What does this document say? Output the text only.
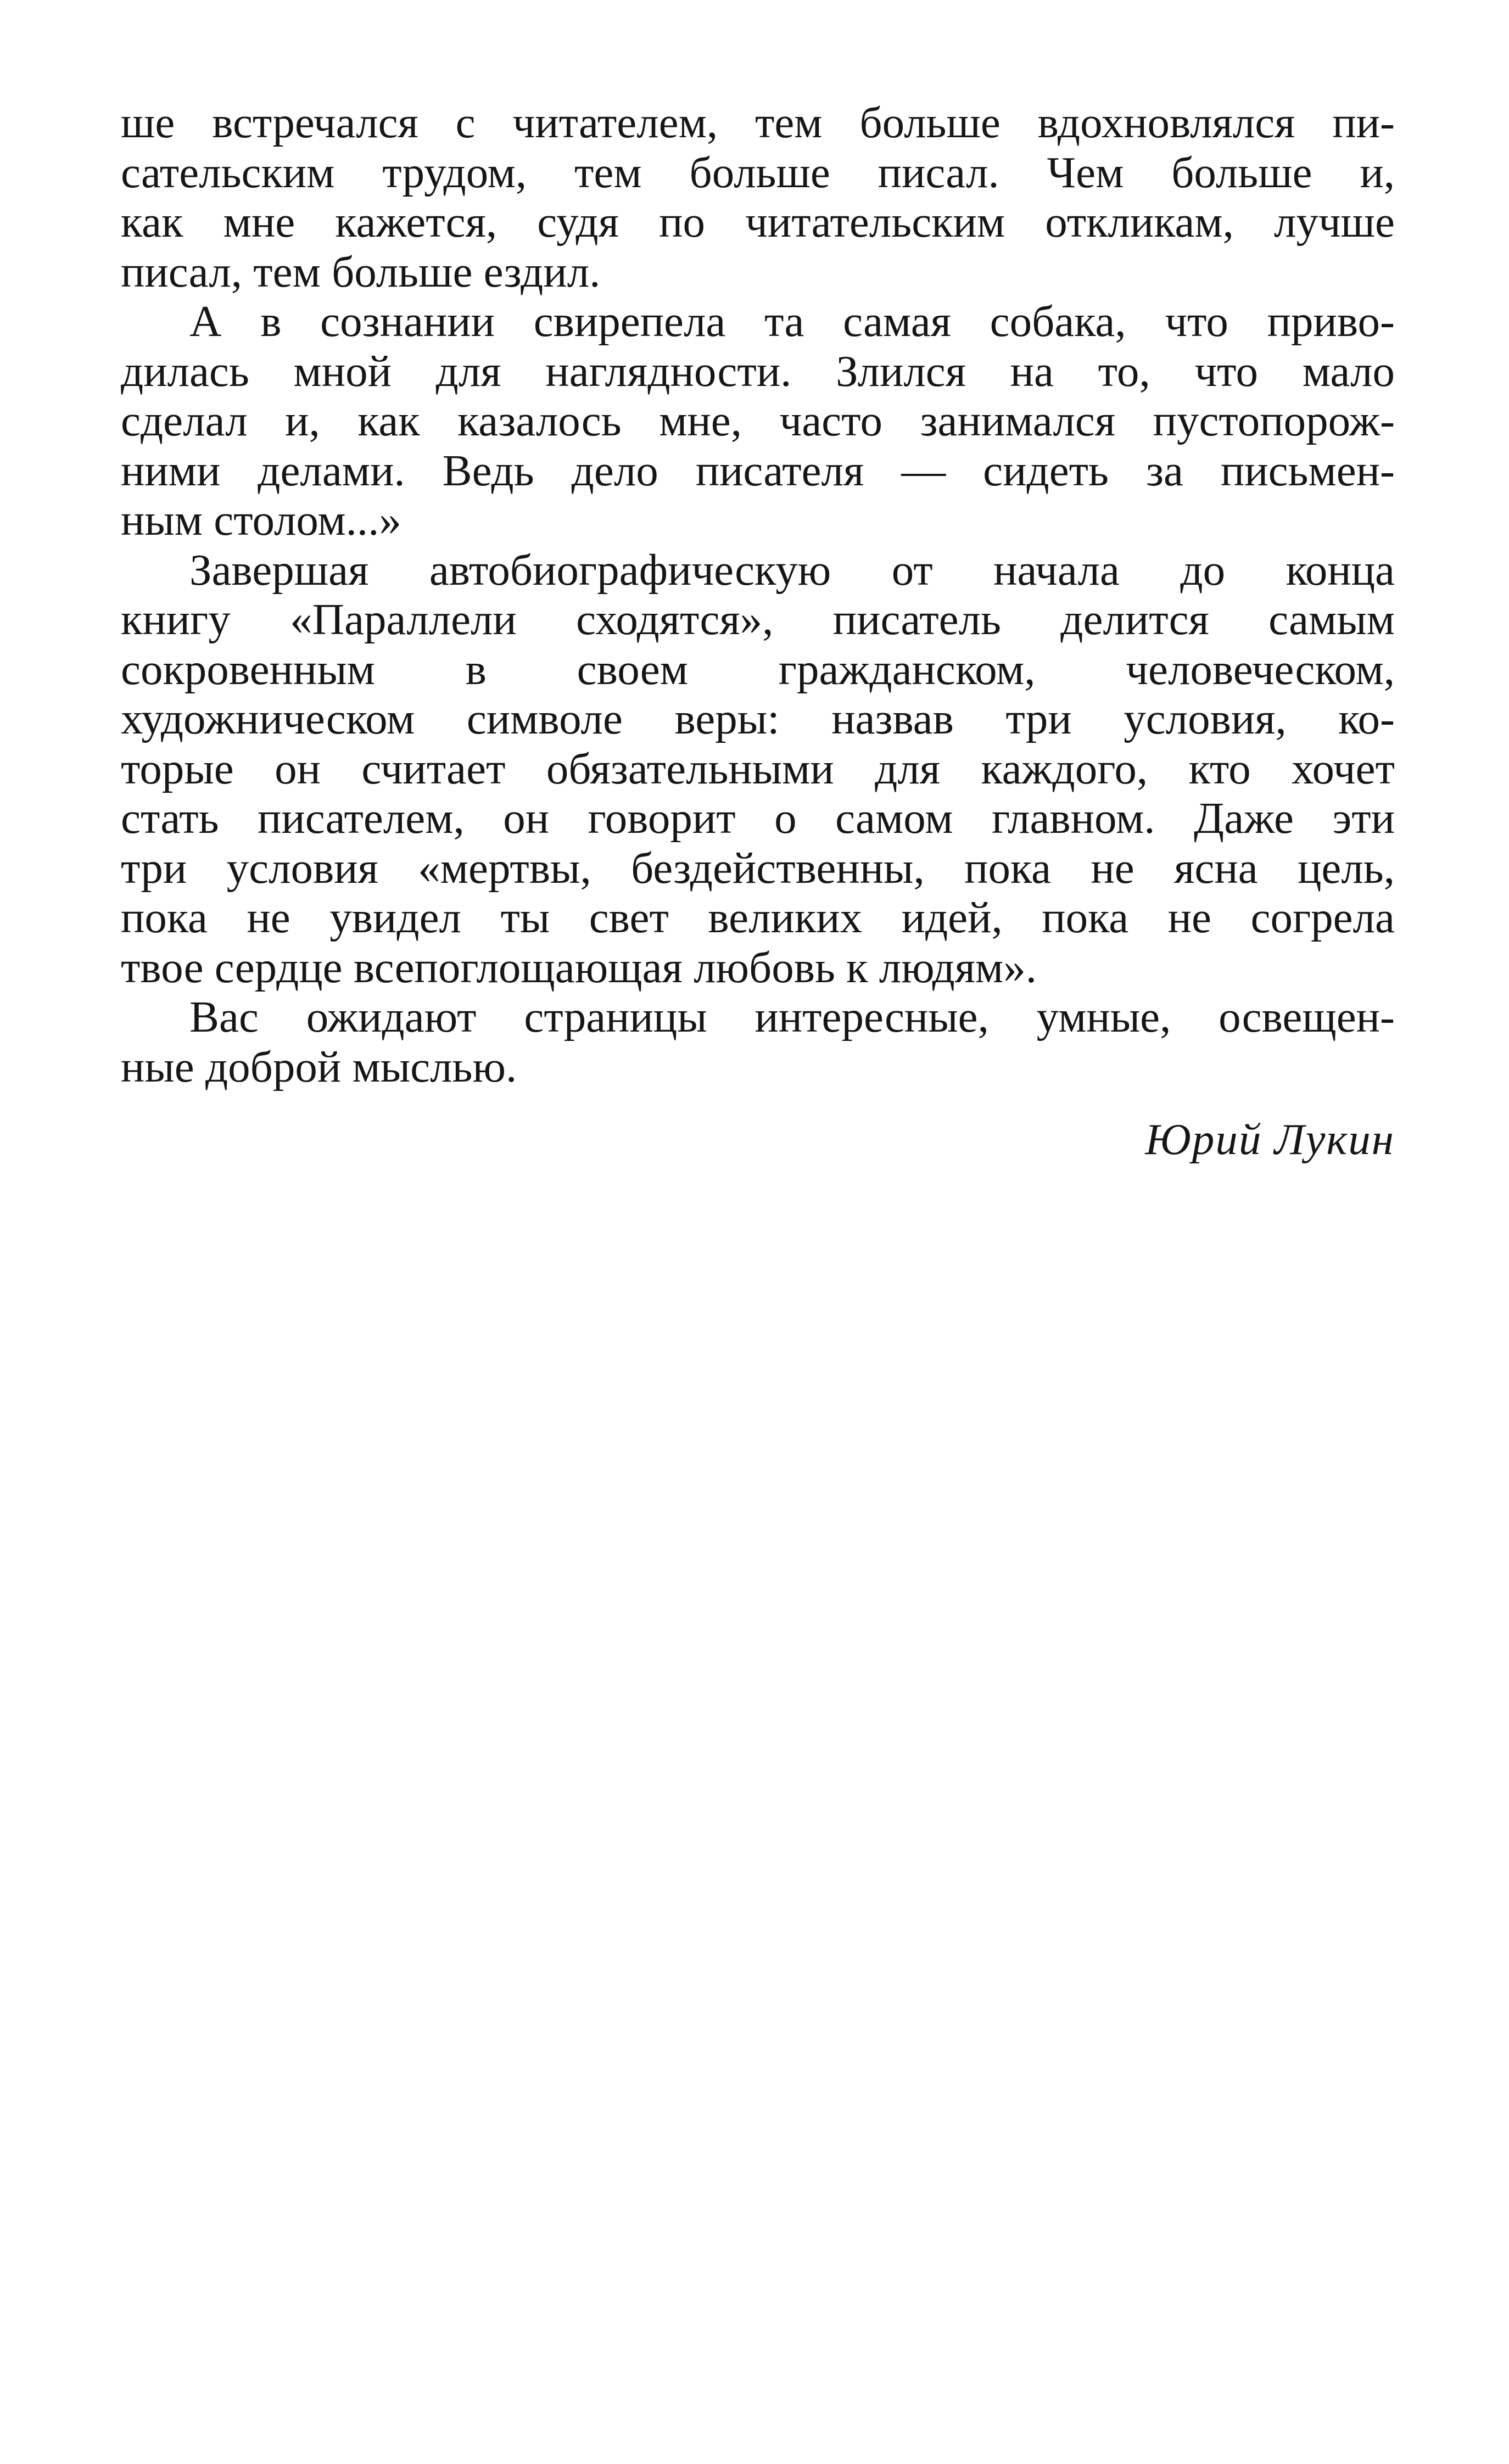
ше встречался с читателем, тем больше вдохновлялся пи-
сательским трудом, тем больше писал. Чем больше и,
как мне кажется, судя по читательским откликам, лучше
писал, тем больше ездил.
А в сознании свирепела та самая собака, что приво-
дилась мной для наглядности. Злился на то, что мало
сделал и, как казалось мне, часто занимался пустопорож-
ними делами. Ведь дело писателя — сидеть за письмен-
ным столом...»
Завершая автобиографическую от начала до конца
книгу «Параллели сходятся», писатель делится самым
сокровенным в своем гражданском, человеческом,
художническом символе веры: назвав три условия, ко-
торые он считает обязательными для каждого, кто хочет
стать писателем, он говорит о самом главном. Даже эти
три условия «мертвы, бездейственны, пока не ясна цель,
пока не увидел ты свет великих идей, пока не согрела
твое сердце всепоглощающая любовь к людям».
Вас ожидают страницы интересные, умные, освещен-
ные доброй мыслью.
Юрий Лукин
